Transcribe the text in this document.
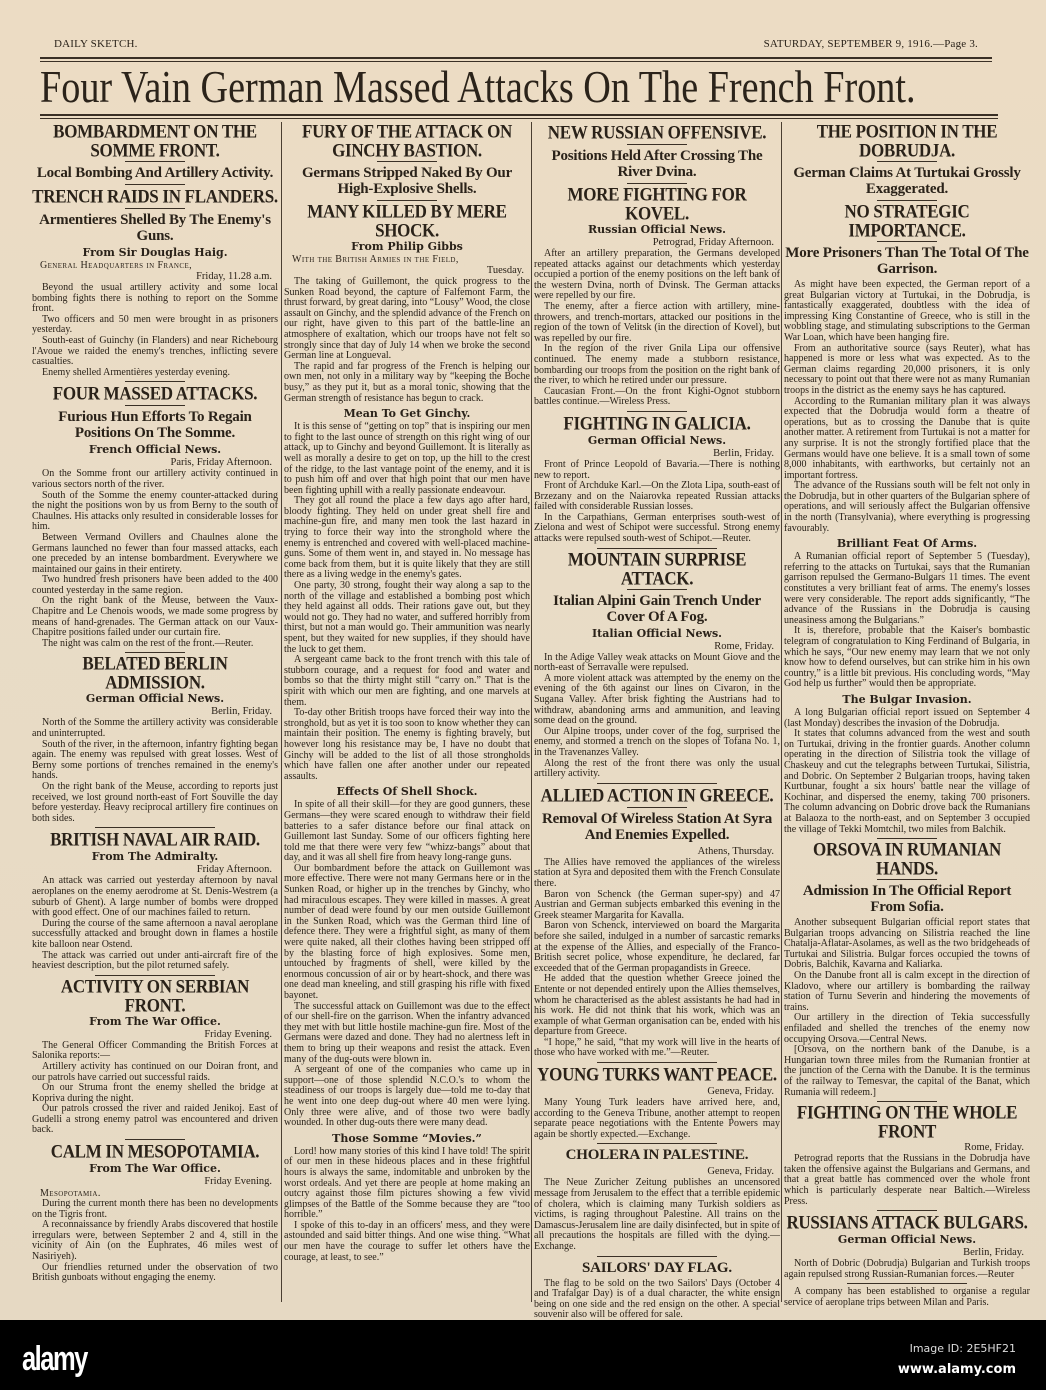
DAILY SKETCH.	SATURDAY, SEPTEMBER 9, 1916.—Page 3.
Four Vain German Massed Attacks On The French Front.
BOMBARDMENT ON THE SOMME FRONT.
Local Bombing And Artillery Activity.
TRENCH RAIDS IN FLANDERS.
Armentieres Shelled By The Enemy's Guns.
From Sir Douglas Haig.
General Headquarters in France,
Friday, 11.28 a.m.
Beyond the usual artillery activity and some local bombing fights there is nothing to report on the Somme front.
Two officers and 50 men were brought in as prisoners yesterday.
South-east of Guinchy (in Flanders) and near Richebourg l'Avoue we raided the enemy's trenches, inflicting severe casualties.
Enemy shelled Armentières yesterday evening.
FOUR MASSED ATTACKS.
Furious Hun Efforts To Regain Positions On The Somme.
French Official News.
Paris, Friday Afternoon.
On the Somme front our artillery activity continued in various sectors north of the river.
South of the Somme the enemy counter-attacked during the night the positions won by us from Berny to the south of Chaulnes. His attacks only resulted in considerable losses for him.
Between Vermand Ovillers and Chaulnes alone the Germans launched no fewer than four massed attacks, each one preceded by an intense bombardment. Everywhere we maintained our gains in their entirety.
Two hundred fresh prisoners have been added to the 400 counted yesterday in the same region.
On the right bank of the Meuse, between the Vaux-Chapitre and Le Chenois woods, we made some progress by means of hand-grenades. The German attack on our Vaux-Chapitre positions failed under our curtain fire.
The night was calm on the rest of the front.—Reuter.
BELATED BERLIN ADMISSION.
German Official News.
Berlin, Friday.
North of the Somme the artillery activity was considerable and uninterrupted.
South of the river, in the afternoon, infantry fighting began again. The enemy was repulsed with great losses. West of Berny some portions of trenches remained in the enemy's hands.
On the right bank of the Meuse, according to reports just received, we lost ground north-east of Fort Souville the day before yesterday. Heavy reciprocal artillery fire continues on both sides.
BRITISH NAVAL AIR RAID.
From The Admiralty.
Friday Afternoon.
An attack was carried out yesterday afternoon by naval aeroplanes on the enemy aerodrome at St. Denis-Westrem (a suburb of Ghent). A large number of bombs were dropped with good effect. One of our machines failed to return.
During the course of the same afternoon a naval aeroplane successfully attacked and brought down in flames a hostile kite balloon near Ostend.
The attack was carried out under anti-aircraft fire of the heaviest description, but the pilot returned safely.
ACTIVITY ON SERBIAN FRONT.
From The War Office.
Friday Evening.
The General Officer Commanding the British Forces at Salonika reports:—
Artillery activity has continued on our Doiran front, and our patrols have carried out successful raids.
On our Struma front the enemy shelled the bridge at Kopriva during the night.
Our patrols crossed the river and raided Jenikoj. East of Gudelli a strong enemy patrol was encountered and driven back.
CALM IN MESOPOTAMIA.
From The War Office.
Friday Evening.
Mesopotamia.
During the current month there has been no developments on the Tigris front.
A reconnaissance by friendly Arabs discovered that hostile irregulars were, between September 2 and 4, still in the vicinity of Ain (on the Euphrates, 46 miles west of Nasiriyeh).
Our friendlies returned under the observation of two British gunboats without engaging the enemy.
FURY OF THE ATTACK ON GINCHY BASTION.
Germans Stripped Naked By Our High-Explosive Shells.
MANY KILLED BY MERE SHOCK.
From Philip Gibbs
With the British Armies in the Field,
Tuesday.
The taking of Guillemont, the quick progress to the Sunken Road beyond, the capture of Falfemont Farm, the thrust forward, by great daring, into “Lousy” Wood, the close assault on Ginchy, and the splendid advance of the French on our right, have given to this part of the battle-line an atmosphere of exaltation, which our troops have not felt so strongly since that day of July 14 when we broke the second German line at Longueval.
The rapid and far progress of the French is helping our own men, not only in a military way by “keeping the Boche busy,” as they put it, but as a moral tonic, showing that the German strength of resistance has begun to crack.
Mean To Get Ginchy.
It is this sense of “getting on top” that is inspiring our men to fight to the last ounce of strength on this right wing of our attack, up to Ginchy and beyond Guillemont. It is literally as well as morally a desire to get on top, up the hill to the crest of the ridge, to the last vantage point of the enemy, and it is to push him off and over that high point that our men have been fighting uphill with a really passionate endeavour.
They got all round the place a few days ago after hard, bloody fighting. They held on under great shell fire and machine-gun fire, and many men took the last hazard in trying to force their way into the stronghold where the enemy is entrenched and covered with well-placed machine-guns. Some of them went in, and stayed in. No message has come back from them, but it is quite likely that they are still there as a living wedge in the enemy's gates.
One party, 30 strong, fought their way along a sap to the north of the village and established a bombing post which they held against all odds. Their rations gave out, but they would not go. They had no water, and suffered horribly from thirst, but not a man would go. Their ammunition was nearly spent, but they waited for new supplies, if they should have the luck to get them.
A sergeant came back to the front trench with this tale of stubborn courage, and a request for food and water and bombs so that the thirty might still “carry on.” That is the spirit with which our men are fighting, and one marvels at them.
To-day other British troops have forced their way into the stronghold, but as yet it is too soon to know whether they can maintain their position. The enemy is fighting bravely, but however long his resistance may be, I have no doubt that Ginchy will be added to the list of all those strongholds which have fallen one after another under our repeated assaults.
Effects Of Shell Shock.
In spite of all their skill—for they are good gunners, these Germans—they were scared enough to withdraw their field batteries to a safer distance before our final attack on Guillemont last Sunday. Some of our officers fighting here told me that there were very few “whizz-bangs” about that day, and it was all shell fire from heavy long-range guns.
Our bombardment before the attack on Guillemont was more effective. There were not many Germans here or in the Sunken Road, or higher up in the trenches by Ginchy, who had miraculous escapes. They were killed in masses. A great number of dead were found by our men outside Guillemont in the Sunken Road, which was the German third line of defence there. They were a frightful sight, as many of them were quite naked, all their clothes having been stripped off by the blasting force of high explosives. Some men, untouched by fragments of shell, were killed by the enormous concussion of air or by heart-shock, and there was one dead man kneeling, and still grasping his rifle with fixed bayonet.
The successful attack on Guillemont was due to the effect of our shell-fire on the garrison. When the infantry advanced they met with but little hostile machine-gun fire. Most of the Germans were dazed and done. They had no alertness left in them to bring up their weapons and resist the attack. Even many of the dug-outs were blown in.
A sergeant of one of the companies who came up in support—one of those splendid N.C.O.'s to whom the steadiness of our troops is largely due—told me to-day that he went into one deep dug-out where 40 men were lying. Only three were alive, and of those two were badly wounded. In other dug-outs there were many dead.
Those Somme “Movies.”
Lord! how many stories of this kind I have told! The spirit of our men in these hideous places and in these frightful hours is always the same, indomitable and unbroken by the worst ordeals. And yet there are people at home making an outcry against those film pictures showing a few vivid glimpses of the Battle of the Somme because they are “too horrible.”
I spoke of this to-day in an officers' mess, and they were astounded and said bitter things. And one wise thing. “What our men have the courage to suffer let others have the courage, at least, to see.”
NEW RUSSIAN OFFENSIVE.
Positions Held After Crossing The River Dvina.
MORE FIGHTING FOR KOVEL.
Russian Official News.
Petrograd, Friday Afternoon.
After an artillery preparation, the Germans developed repeated attacks against our detachments which yesterday occupied a portion of the enemy positions on the left bank of the western Dvina, north of Dvinsk. The German attacks were repelled by our fire.
The enemy, after a fierce action with artillery, mine-throwers, and trench-mortars, attacked our positions in the region of the town of Velitsk (in the direction of Kovel), but was repelled by our fire.
In the region of the river Gnila Lipa our offensive continued. The enemy made a stubborn resistance, bombarding our troops from the position on the right bank of the river, to which he retired under our pressure.
Caucasian Front.—On the front Kighi-Ognot stubborn battles continue.—Wireless Press.
FIGHTING IN GALICIA.
German Official News.
Berlin, Friday.
Front of Prince Leopold of Bavaria.—There is nothing new to report.
Front of Archduke Karl.—On the Zlota Lipa, south-east of Brzezany and on the Naiarovka repeated Russian attacks failed with considerable Russian losses.
In the Carpathians, German enterprises south-west of Zielona and west of Schipot were successful. Strong enemy attacks were repulsed south-west of Schipot.—Reuter.
MOUNTAIN SURPRISE ATTACK.
Italian Alpini Gain Trench Under Cover Of A Fog.
Italian Official News.
Rome, Friday.
In the Adige Valley weak attacks on Mount Giove and the north-east of Serravalle were repulsed.
A more violent attack was attempted by the enemy on the evening of the 6th against our lines on Civaron, in the Sugana Valley. After brisk fighting the Austrians had to withdraw, abandoning arms and ammunition, and leaving some dead on the ground.
Our Alpine troops, under cover of the fog, surprised the enemy, and stormed a trench on the slopes of Tofana No. 1, in the Travenanzes Valley.
Along the rest of the front there was only the usual artillery activity.
ALLIED ACTION IN GREECE.
Removal Of Wireless Station At Syra And Enemies Expelled.
Athens, Thursday.
The Allies have removed the appliances of the wireless station at Syra and deposited them with the French Consulate there.
Baron von Schenck (the German super-spy) and 47 Austrian and German subjects embarked this evening in the Greek steamer Margarita for Kavalla.
Baron von Schenck, interviewed on board the Margarita before she sailed, indulged in a number of sarcastic remarks at the expense of the Allies, and especially of the Franco-British secret police, whose expenditure, he declared, far exceeded that of the German propagandists in Greece.
He added that the question whether Greece joined the Entente or not depended entirely upon the Allies themselves, whom he characterised as the ablest assistants he had had in his work. He did not think that his work, which was an example of what German organisation can be, ended with his departure from Greece.
“I hope,” he said, “that my work will live in the hearts of those who have worked with me.”—Reuter.
YOUNG TURKS WANT PEACE.
Geneva, Friday.
Many Young Turk leaders have arrived here, and, according to the Geneva Tribune, another attempt to reopen separate peace negotiations with the Entente Powers may again be shortly expected.—Exchange.
CHOLERA IN PALESTINE.
Geneva, Friday.
The Neue Zuricher Zeitung publishes an uncensored message from Jerusalem to the effect that a terrible epidemic of cholera, which is claiming many Turkish soldiers as victims, is raging throughout Palestine. All trains on the Damascus-Jerusalem line are daily disinfected, but in spite of all precautions the hospitals are filled with the dying.—Exchange.
SAILORS' DAY FLAG.
The flag to be sold on the two Sailors' Days (October 4 and Trafalgar Day) is of a dual character, the white ensign being on one side and the red ensign on the other. A special souvenir also will be offered for sale.
THE POSITION IN THE DOBRUDJA.
German Claims At Turtukai Grossly Exaggerated.
NO STRATEGIC IMPORTANCE.
More Prisoners Than The Total Of The Garrison.
As might have been expected, the German report of a great Bulgarian victory at Turtukai, in the Dobrudja, is fantastically exaggerated, doubtless with the idea of impressing King Constantine of Greece, who is still in the wobbling stage, and stimulating subscriptions to the German War Loan, which have been hanging fire.
From an authoritative source (says Reuter), what has happened is more or less what was expected. As to the German claims regarding 20,000 prisoners, it is only necessary to point out that there were not as many Rumanian troops in the district as the enemy says he has captured.
According to the Rumanian military plan it was always expected that the Dobrudja would form a theatre of operations, but as to crossing the Danube that is quite another matter. A retirement from Turtukai is not a matter for any surprise. It is not the strongly fortified place that the Germans would have one believe. It is a small town of some 8,000 inhabitants, with earthworks, but certainly not an important fortress.
The advance of the Russians south will be felt not only in the Dobrudja, but in other quarters of the Bulgarian sphere of operations, and will seriously affect the Bulgarian offensive in the north (Transylvania), where everything is progressing favourably.
Brilliant Feat Of Arms.
A Rumanian official report of September 5 (Tuesday), referring to the attacks on Turtukai, says that the Rumanian garrison repulsed the Germano-Bulgars 11 times. The event constitutes a very brilliant feat of arms. The enemy's losses were very considerable. The report adds significantly, “The advance of the Russians in the Dobrudja is causing uneasiness among the Bulgarians.”
It is, therefore, probable that the Kaiser's bombastic telegram of congratulation to King Ferdinand of Bulgaria, in which he says, “Our new enemy may learn that we not only know how to defend ourselves, but can strike him in his own country,” is a little bit previous. His concluding words, “May God help us further” would then be appropriate.
The Bulgar Invasion.
A long Bulgarian official report issued on September 4 (last Monday) describes the invasion of the Dobrudja.
It states that columns advanced from the west and south on Turtukai, driving in the frontier guards. Another column operating in the direction of Silistria took the village of Chaskeuy and cut the telegraphs between Turtukai, Silistria, and Dobric. On September 2 Bulgarian troops, having taken Kurtbunar, fought a six hours' battle near the village of Kochinar, and dispersed the enemy, taking 700 prisoners. The column advancing on Dobric drove back the Rumanians at Balaoza to the north-east, and on September 3 occupied the village of Tekki Momtchil, two miles from Balchik.
ORSOVA IN RUMANIAN HANDS.
Admission In The Official Report From Sofia.
Another subsequent Bulgarian official report states that Bulgarian troops advancing on Silistria reached the line Chatalja-Aflatar-Asolames, as well as the two bridgeheads of Turtukai and Silistria. Bulgar forces occupied the towns of Dobris, Balchik, Kavarna and Kaliarka.
On the Danube front all is calm except in the direction of Kladovo, where our artillery is bombarding the railway station of Turnu Severin and hindering the movements of trains.
Our artillery in the direction of Tekia successfully enfiladed and shelled the trenches of the enemy now occupying Orsova.—Central News.
[Orsova, on the northern bank of the Danube, is a Hungarian town three miles from the Rumanian frontier at the junction of the Cerna with the Danube. It is the terminus of the railway to Temesvar, the capital of the Banat, which Rumania will redeem.]
FIGHTING ON THE WHOLE FRONT
Rome, Friday.
Petrograd reports that the Russians in the Dobrudja have taken the offensive against the Bulgarians and Germans, and that a great battle has commenced over the whole front which is particularly desperate near Baltich.—Wireless Press.
RUSSIANS ATTACK BULGARS.
German Official News.
Berlin, Friday.
North of Dobric (Dobrudja) Bulgarian and Turkish troops again repulsed strong Russian-Rumanian forces.—Reuter
A company has been established to organise a regular service of aeroplane trips between Milan and Paris.
alamy	Image ID: 2E5HF21
www.alamy.com
